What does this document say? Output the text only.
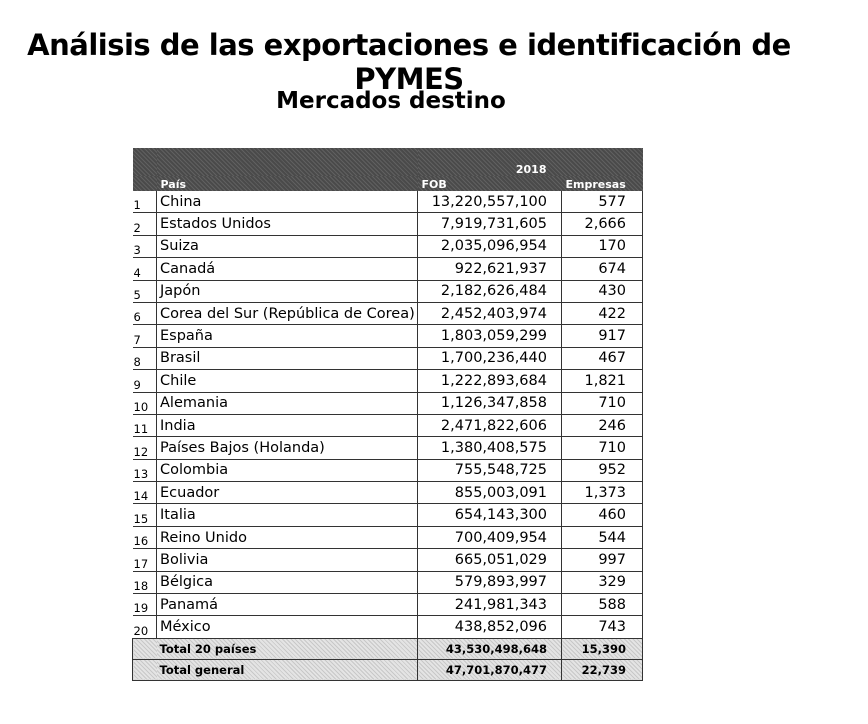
Análisis de las exportaciones e identificación de PYMES
Mercados destino
		2018	
	País	FOB	Empresas
1	China	13,220,557,100	577
2	Estados Unidos	7,919,731,605	2,666
3	Suiza	2,035,096,954	170
4	Canadá	922,621,937	674
5	Japón	2,182,626,484	430
6	Corea del Sur (República de Corea)	2,452,403,974	422
7	España	1,803,059,299	917
8	Brasil	1,700,236,440	467
9	Chile	1,222,893,684	1,821
10	Alemania	1,126,347,858	710
11	India	2,471,822,606	246
12	Países Bajos (Holanda)	1,380,408,575	710
13	Colombia	755,548,725	952
14	Ecuador	855,003,091	1,373
15	Italia	654,143,300	460
16	Reino Unido	700,409,954	544
17	Bolivia	665,051,029	997
18	Bélgica	579,893,997	329
19	Panamá	241,981,343	588
20	México	438,852,096	743
	Total 20 países	43,530,498,648	15,390
	Total general	47,701,870,477	22,739
